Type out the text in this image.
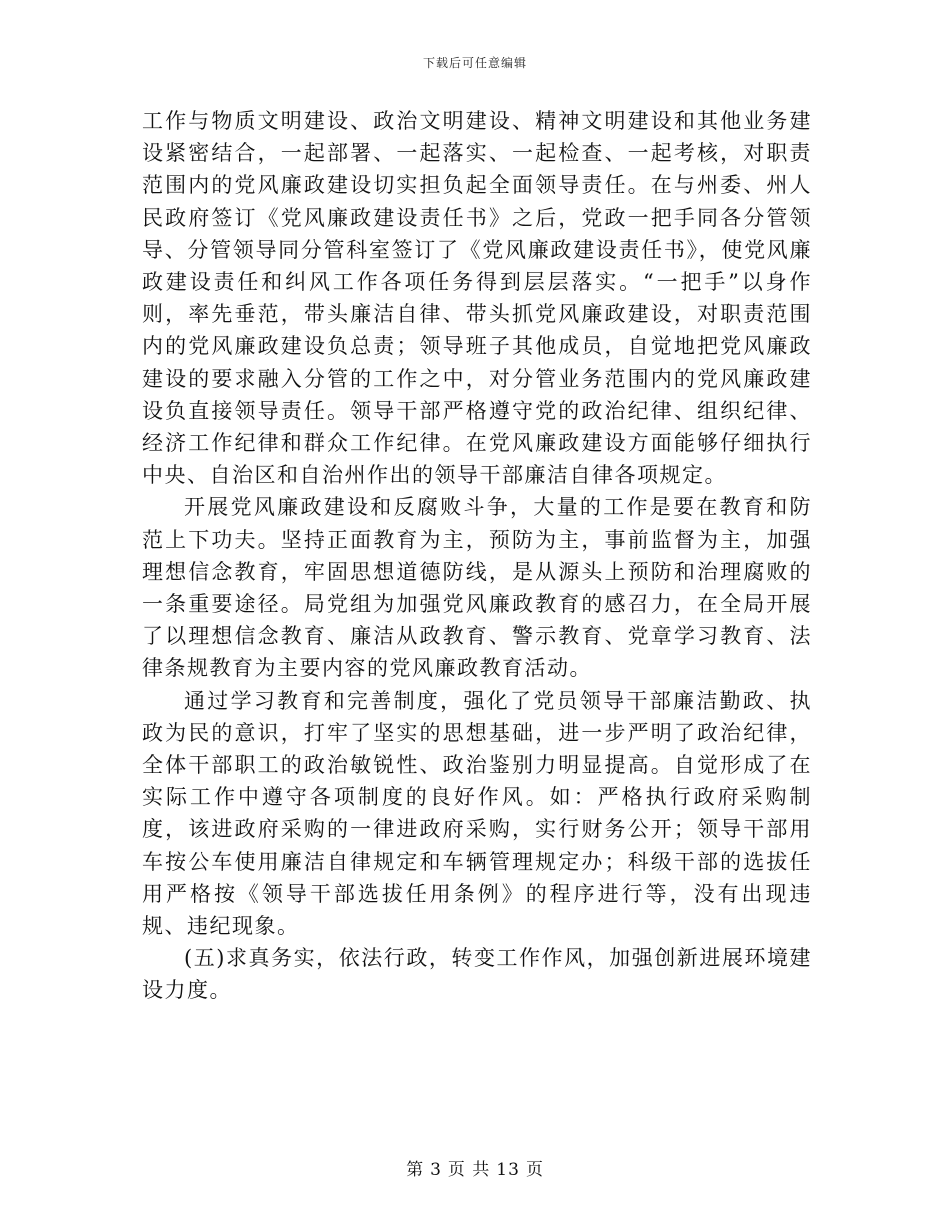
下载后可任意编辑

工作与物质文明建设、政治文明建设、精神文明建设和其他业务建设紧密结合，一起部署、一起落实、一起检查、一起考核，对职责范围内的党风廉政建设切实担负起全面领导责任。在与州委、州人民政府签订《党风廉政建设责任书》之后，党政一把手同各分管领导、分管领导同分管科室签订了《党风廉政建设责任书》，使党风廉政建设责任和纠风工作各项任务得到层层落实。“一把手”以身作则，率先垂范，带头廉洁自律、带头抓党风廉政建设，对职责范围内的党风廉政建设负总责；领导班子其他成员，自觉地把党风廉政建设的要求融入分管的工作之中，对分管业务范围内的党风廉政建设负直接领导责任。领导干部严格遵守党的政治纪律、组织纪律、经济工作纪律和群众工作纪律。在党风廉政建设方面能够仔细执行中央、自治区和自治州作出的领导干部廉洁自律各项规定。

开展党风廉政建设和反腐败斗争，大量的工作是要在教育和防范上下功夫。坚持正面教育为主，预防为主，事前监督为主，加强理想信念教育，牢固思想道德防线，是从源头上预防和治理腐败的一条重要途径。局党组为加强党风廉政教育的感召力，在全局开展了以理想信念教育、廉洁从政教育、警示教育、党章学习教育、法律条规教育为主要内容的党风廉政教育活动。

通过学习教育和完善制度，强化了党员领导干部廉洁勤政、执政为民的意识，打牢了坚实的思想基础，进一步严明了政治纪律，全体干部职工的政治敏锐性、政治鉴别力明显提高。自觉形成了在实际工作中遵守各项制度的良好作风。如：严格执行政府采购制度，该进政府采购的一律进政府采购，实行财务公开；领导干部用车按公车使用廉洁自律规定和车辆管理规定办；科级干部的选拔任用严格按《领导干部选拔任用条例》的程序进行等，没有出现违规、违纪现象。

(五)求真务实，依法行政，转变工作作风，加强创新进展环境建设力度。

第 3 页 共 13 页
